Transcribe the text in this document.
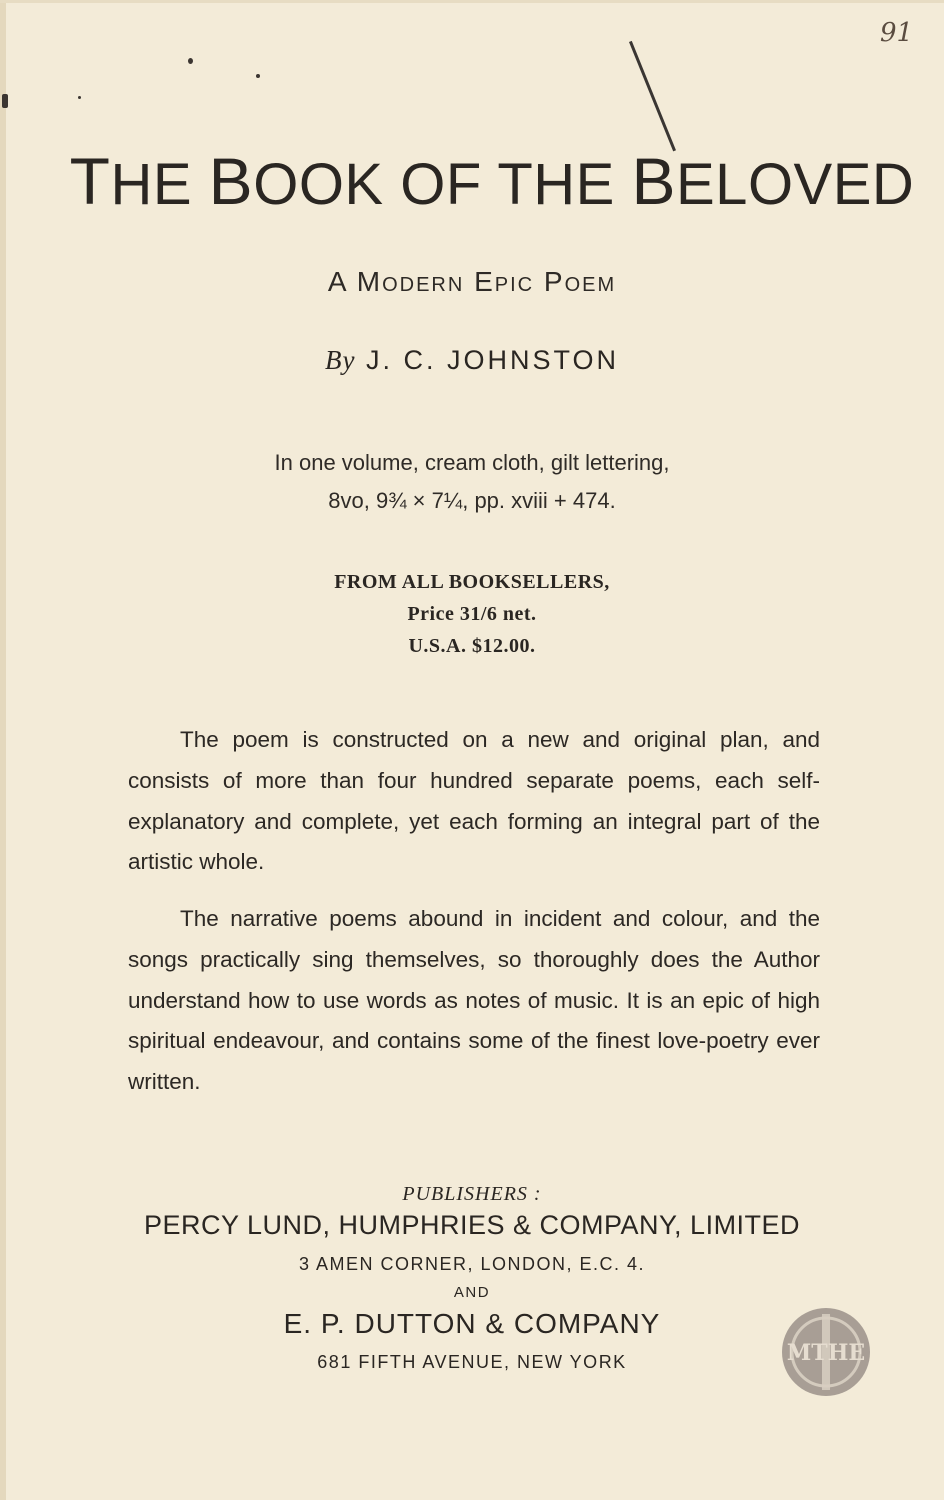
91
THE BOOK OF THE BELOVED
A Modern Epic Poem
By J. C. JOHNSTON
In one volume, cream cloth, gilt lettering,
8vo, 9¾ × 7¼, pp. xviii + 474.
FROM ALL BOOKSELLERS,
Price 31/6 net.
U.S.A. $12.00.

The poem is constructed on a new and original plan, and consists of more than four hundred separate poems, each self-explanatory and complete, yet each forming an integral part of the artistic whole.

The narrative poems abound in incident and colour, and the songs practically sing themselves, so thoroughly does the Author understand how to use words as notes of music. It is an epic of high spiritual endeavour, and contains some of the finest love-poetry ever written.

PUBLISHERS :
PERCY LUND, HUMPHRIES & COMPANY, LIMITED
3 AMEN CORNER, LONDON, E.C. 4.
AND
E. P. DUTTON & COMPANY
681 FIFTH AVENUE, NEW YORK	MTHE
